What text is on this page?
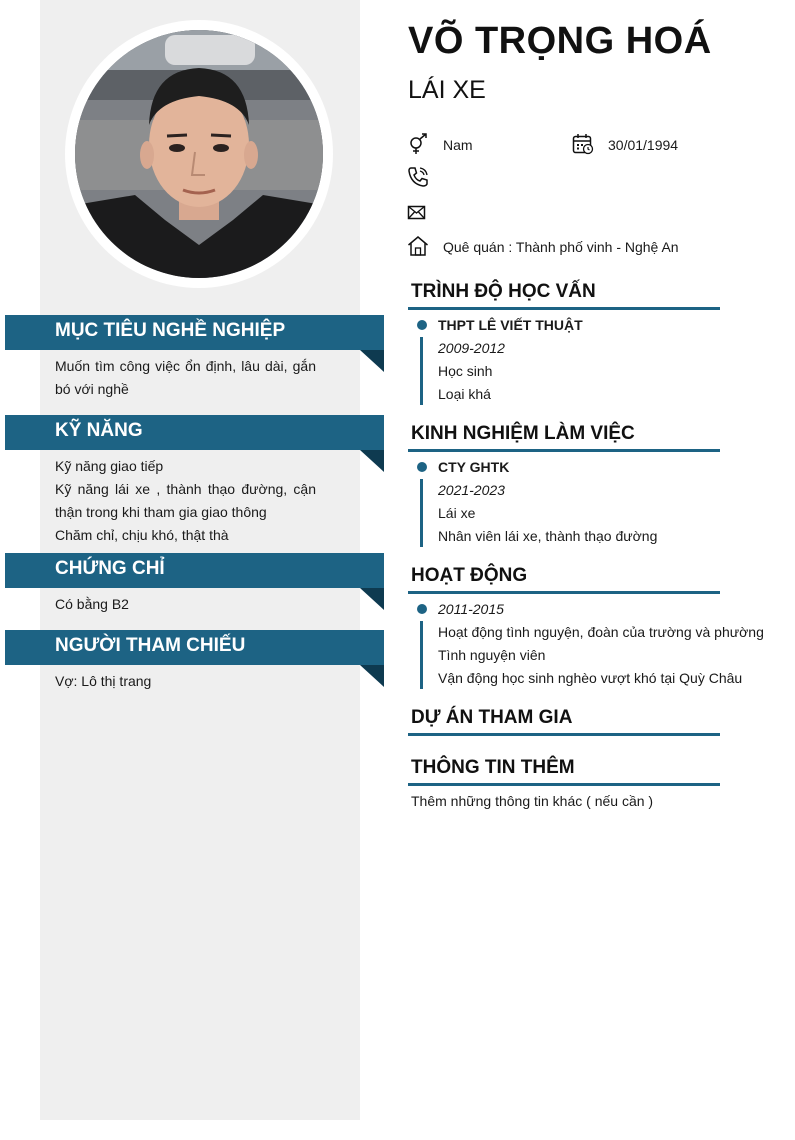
MỤC TIÊU NGHỀ NGHIỆP
Muốn tìm công việc ổn định, lâu dài, gắn
bó với nghề
KỸ NĂNG
Kỹ năng giao tiếp
Kỹ năng lái xe , thành thạo đường, cận
thận trong khi tham gia giao thông
Chăm chỉ, chịu khó, thật thà
CHỨNG CHỈ
Có bằng B2
NGƯỜI THAM CHIẾU
Vợ: Lô thị trang
VÕ TRỌNG HOÁ
LÁI XE
Nam	30/01/1994
Quê quán : Thành phố vinh - Nghệ An
TRÌNH ĐỘ HỌC VẤN
THPT LÊ VIẾT THUẬT
2009-2012
Học sinh
Loại khá
KINH NGHIỆM LÀM VIỆC
CTY GHTK
2021-2023
Lái xe
Nhân viên lái xe, thành thạo đường
HOẠT ĐỘNG
2011-2015
Hoạt động tình nguyện, đoàn của trường và phường
Tình nguyện viên
Vận động học sinh nghèo vượt khó tại Quỳ Châu
DỰ ÁN THAM GIA
THÔNG TIN THÊM
Thêm những thông tin khác ( nếu cần )
